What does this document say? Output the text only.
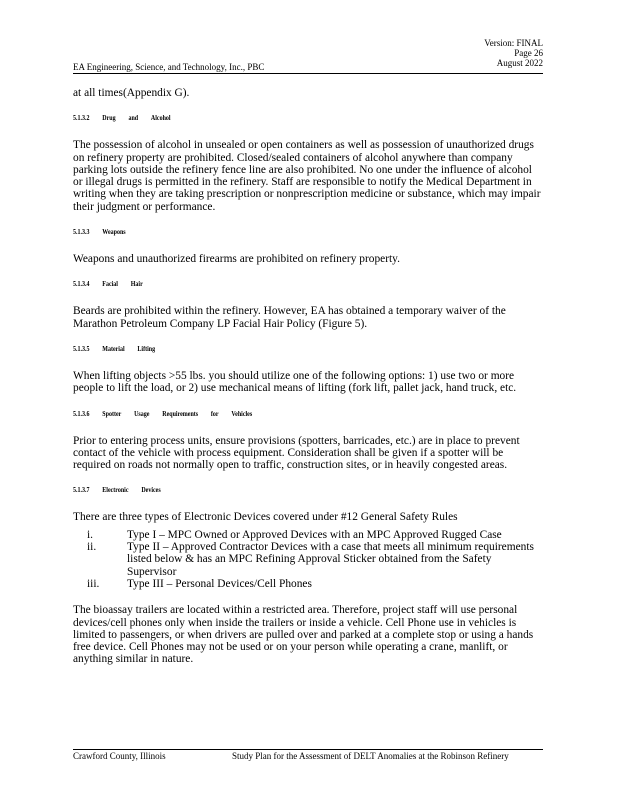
Version: FINAL
Page 26
August 2022
EA Engineering, Science, and Technology, Inc., PBC

at all times(Appendix G).

5.1.3.2 Drug and Alcohol

The possession of alcohol in unsealed or open containers as well as possession of unauthorized drugs on refinery property are prohibited. Closed/sealed containers of alcohol anywhere than company parking lots outside the refinery fence line are also prohibited. No one under the influence of alcohol or illegal drugs is permitted in the refinery. Staff are responsible to notify the Medical Department in writing when they are taking prescription or nonprescription medicine or substance, which may impair their judgment or performance.

5.1.3.3 Weapons

Weapons and unauthorized firearms are prohibited on refinery property.

5.1.3.4 Facial Hair

Beards are prohibited within the refinery. However, EA has obtained a temporary waiver of the Marathon Petroleum Company LP Facial Hair Policy (Figure 5).

5.1.3.5 Material Lifting

When lifting objects >55 lbs. you should utilize one of the following options: 1) use two or more people to lift the load, or 2) use mechanical means of lifting (fork lift, pallet jack, hand truck, etc.

5.1.3.6 Spotter Usage Requirements for Vehicles

Prior to entering process units, ensure provisions (spotters, barricades, etc.) are in place to prevent contact of the vehicle with process equipment. Consideration shall be given if a spotter will be required on roads not normally open to traffic, construction sites, or in heavily congested areas.

5.1.3.7 Electronic Devices

There are three types of Electronic Devices covered under #12 General Safety Rules

i.	Type I – MPC Owned or Approved Devices with an MPC Approved Rugged Case
ii.	Type II – Approved Contractor Devices with a case that meets all minimum requirements listed below & has an MPC Refining Approval Sticker obtained from the Safety Supervisor
iii. Type III – Personal Devices/Cell Phones

The bioassay trailers are located within a restricted area. Therefore, project staff will use personal devices/cell phones only when inside the trailers or inside a vehicle. Cell Phone use in vehicles is limited to passengers, or when drivers are pulled over and parked at a complete stop or using a hands free device. Cell Phones may not be used or on your person while operating a crane, manlift, or anything similar in nature.

Crawford County, Illinois	Study Plan for the Assessment of DELT Anomalies at the Robinson Refinery
